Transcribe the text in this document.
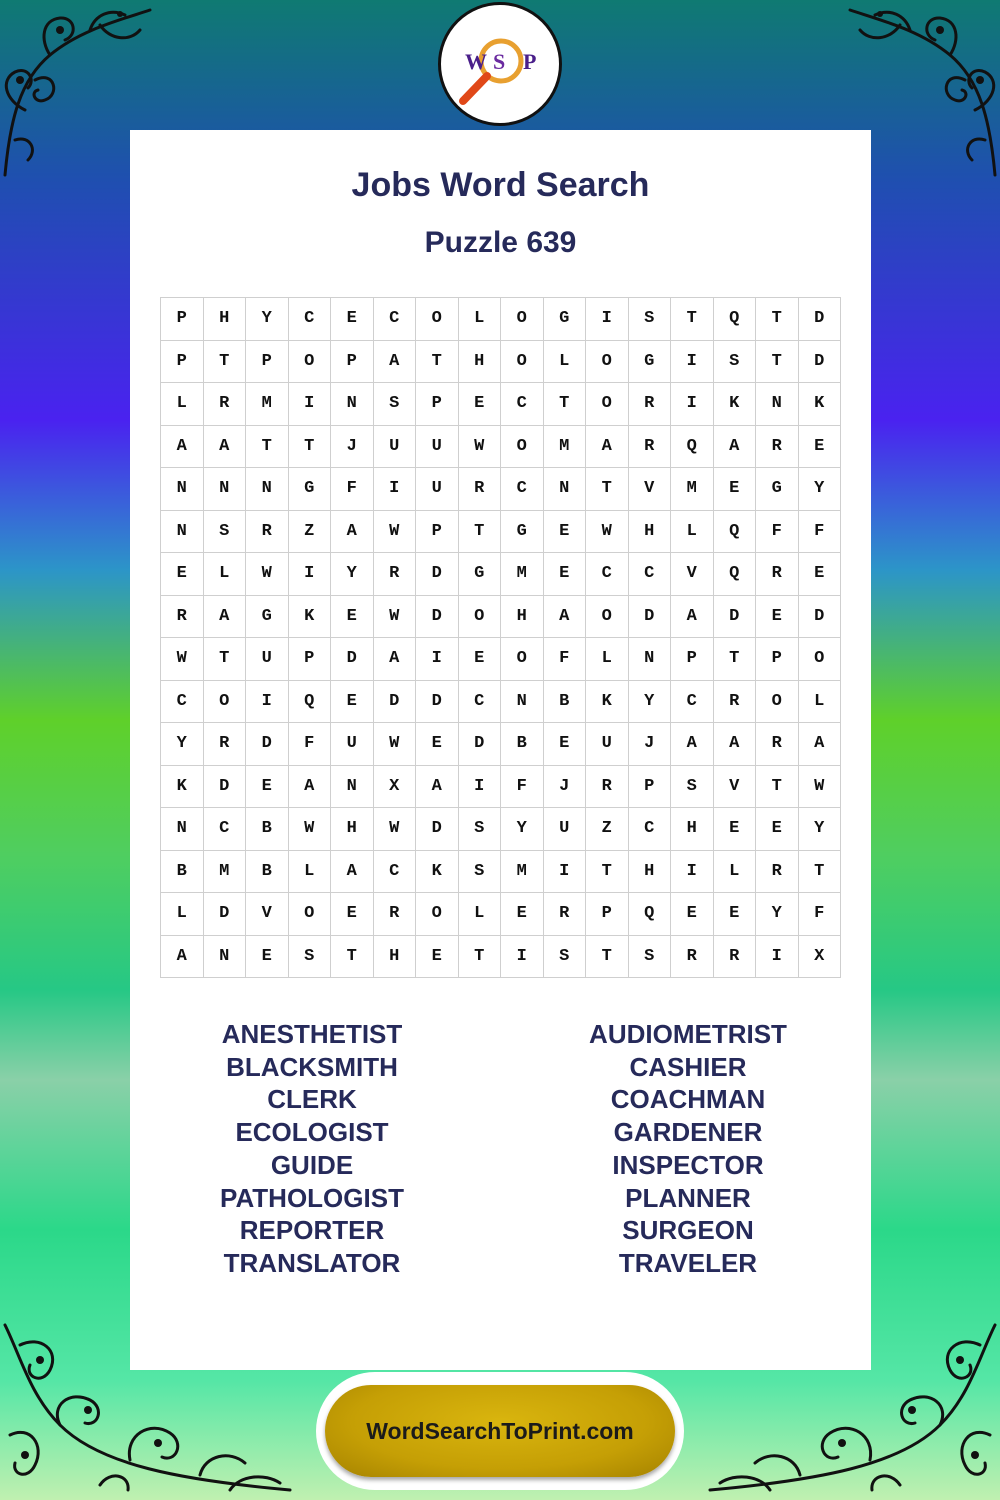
W S P
Jobs Word Search
Puzzle 639
P	H	Y	C	E	C	O	L	O	G	I	S	T	Q	T	D
P	T	P	O	P	A	T	H	O	L	O	G	I	S	T	D
L	R	M	I	N	S	P	E	C	T	O	R	I	K	N	K
A	A	T	T	J	U	U	W	O	M	A	R	Q	A	R	E
N	N	N	G	F	I	U	R	C	N	T	V	M	E	G	Y
N	S	R	Z	A	W	P	T	G	E	W	H	L	Q	F	F
E	L	W	I	Y	R	D	G	M	E	C	C	V	Q	R	E
R	A	G	K	E	W	D	O	H	A	O	D	A	D	E	D
W	T	U	P	D	A	I	E	O	F	L	N	P	T	P	O
C	O	I	Q	E	D	D	C	N	B	K	Y	C	R	O	L
Y	R	D	F	U	W	E	D	B	E	U	J	A	A	R	A
K	D	E	A	N	X	A	I	F	J	R	P	S	V	T	W
N	C	B	W	H	W	D	S	Y	U	Z	C	H	E	E	Y
B	M	B	L	A	C	K	S	M	I	T	H	I	L	R	T
L	D	V	O	E	R	O	L	E	R	P	Q	E	E	Y	F
A	N	E	S	T	H	E	T	I	S	T	S	R	R	I	X
ANESTHETIST
BLACKSMITH
CLERK
ECOLOGIST
GUIDE
PATHOLOGIST
REPORTER
TRANSLATOR
AUDIOMETRIST
CASHIER
COACHMAN
GARDENER
INSPECTOR
PLANNER
SURGEON
TRAVELER
WordSearchToPrint.com
